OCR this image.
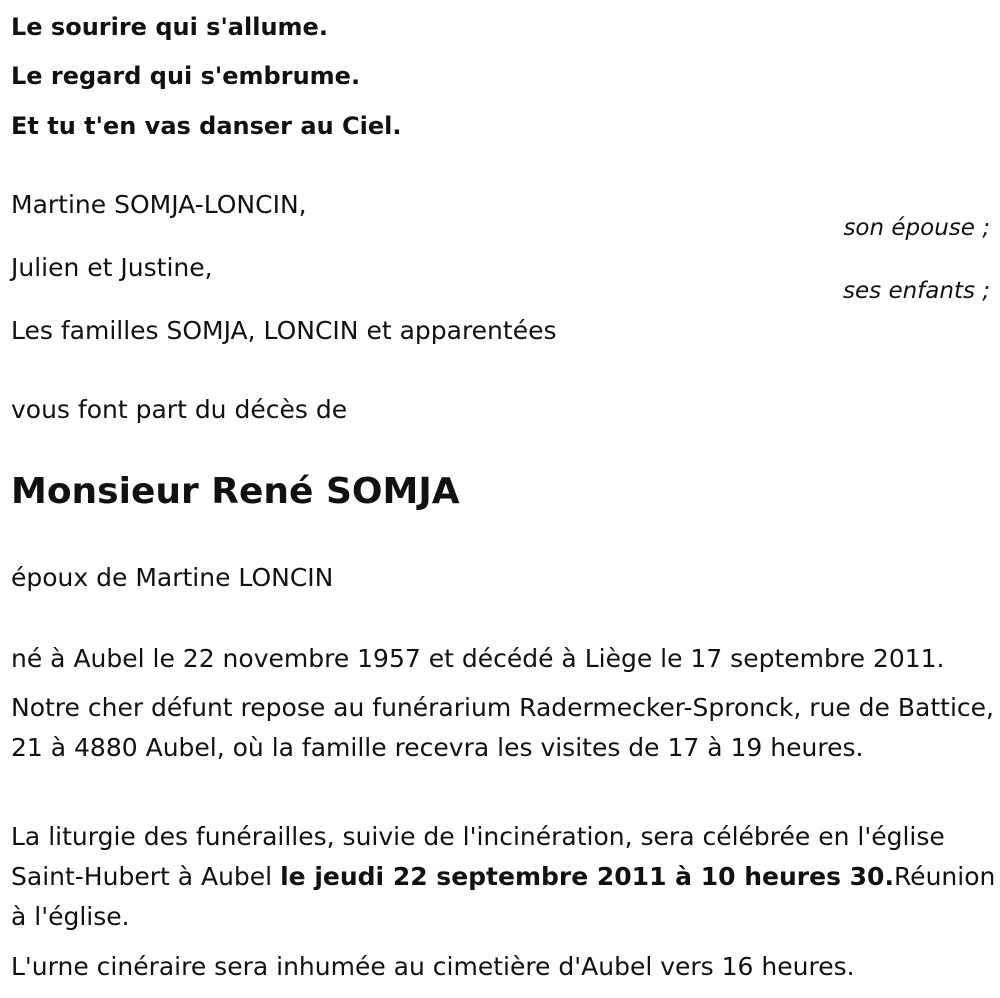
Le sourire qui s'allume.
Le regard qui s'embrume.
Et tu t'en vas danser au Ciel.
Martine SOMJA-LONCIN,
son épouse ;
Julien et Justine,
ses enfants ;
Les familles SOMJA, LONCIN et apparentées
vous font part du décès de
Monsieur René SOMJA
époux de Martine LONCIN
né à Aubel le 22 novembre 1957 et décédé à Liège le 17 septembre 2011.
Notre cher défunt repose au funérarium Radermecker-Spronck, rue de Battice, 21 à 4880 Aubel, où la famille recevra les visites de 17 à 19 heures.
La liturgie des funérailles, suivie de l'incinération, sera célébrée en l'église Saint-Hubert à Aubel le jeudi 22 septembre 2011 à 10 heures 30.Réunion à l'église.
L'urne cinéraire sera inhumée au cimetière d'Aubel vers 16 heures.
